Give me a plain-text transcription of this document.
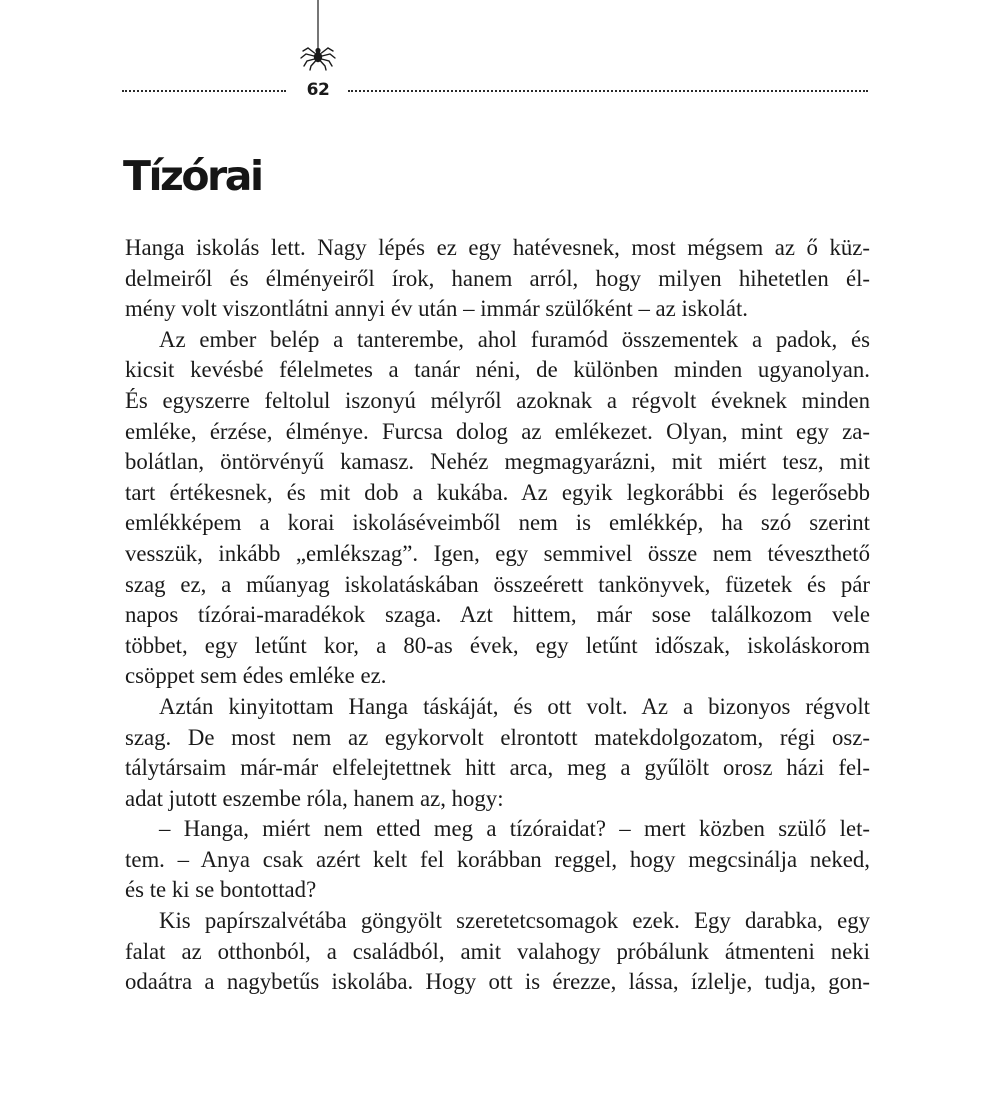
62
Tízórai
Hanga iskolás lett. Nagy lépés ez egy hatévesnek, most mégsem az ő küz-
delmeiről és élményeiről írok, hanem arról, hogy milyen hihetetlen él-
mény volt viszontlátni annyi év után – immár szülőként – az iskolát.
Az ember belép a tanterembe, ahol furamód összementek a padok, és
kicsit kevésbé félelmetes a tanár néni, de különben minden ugyanolyan.
És egyszerre feltolul iszonyú mélyről azoknak a régvolt éveknek minden
emléke, érzése, élménye. Furcsa dolog az emlékezet. Olyan, mint egy za-
bolátlan, öntörvényű kamasz. Nehéz megmagyarázni, mit miért tesz, mit
tart értékesnek, és mit dob a kukába. Az egyik legkorábbi és legerősebb
emlékképem a korai iskoláséveimből nem is emlékkép, ha szó szerint
vesszük, inkább „emlékszag”. Igen, egy semmivel össze nem téveszthető
szag ez, a műanyag iskolatáskában összeérett tankönyvek, füzetek és pár
napos tízórai-maradékok szaga. Azt hittem, már sose találkozom vele
többet, egy letűnt kor, a 80-as évek, egy letűnt időszak, iskoláskorom
csöppet sem édes emléke ez.
Aztán kinyitottam Hanga táskáját, és ott volt. Az a bizonyos régvolt
szag. De most nem az egykorvolt elrontott matekdolgozatom, régi osz-
tálytársaim már-már elfelejtettnek hitt arca, meg a gyűlölt orosz házi fel-
adat jutott eszembe róla, hanem az, hogy:
– Hanga, miért nem etted meg a tízóraidat? – mert közben szülő let-
tem. – Anya csak azért kelt fel korábban reggel, hogy megcsinálja neked,
és te ki se bontottad?
Kis papírszalvétába göngyölt szeretetcsomagok ezek. Egy darabka, egy
falat az otthonból, a családból, amit valahogy próbálunk átmenteni neki
odaátra a nagybetűs iskolába. Hogy ott is érezze, lássa, ízlelje, tudja, gon-
